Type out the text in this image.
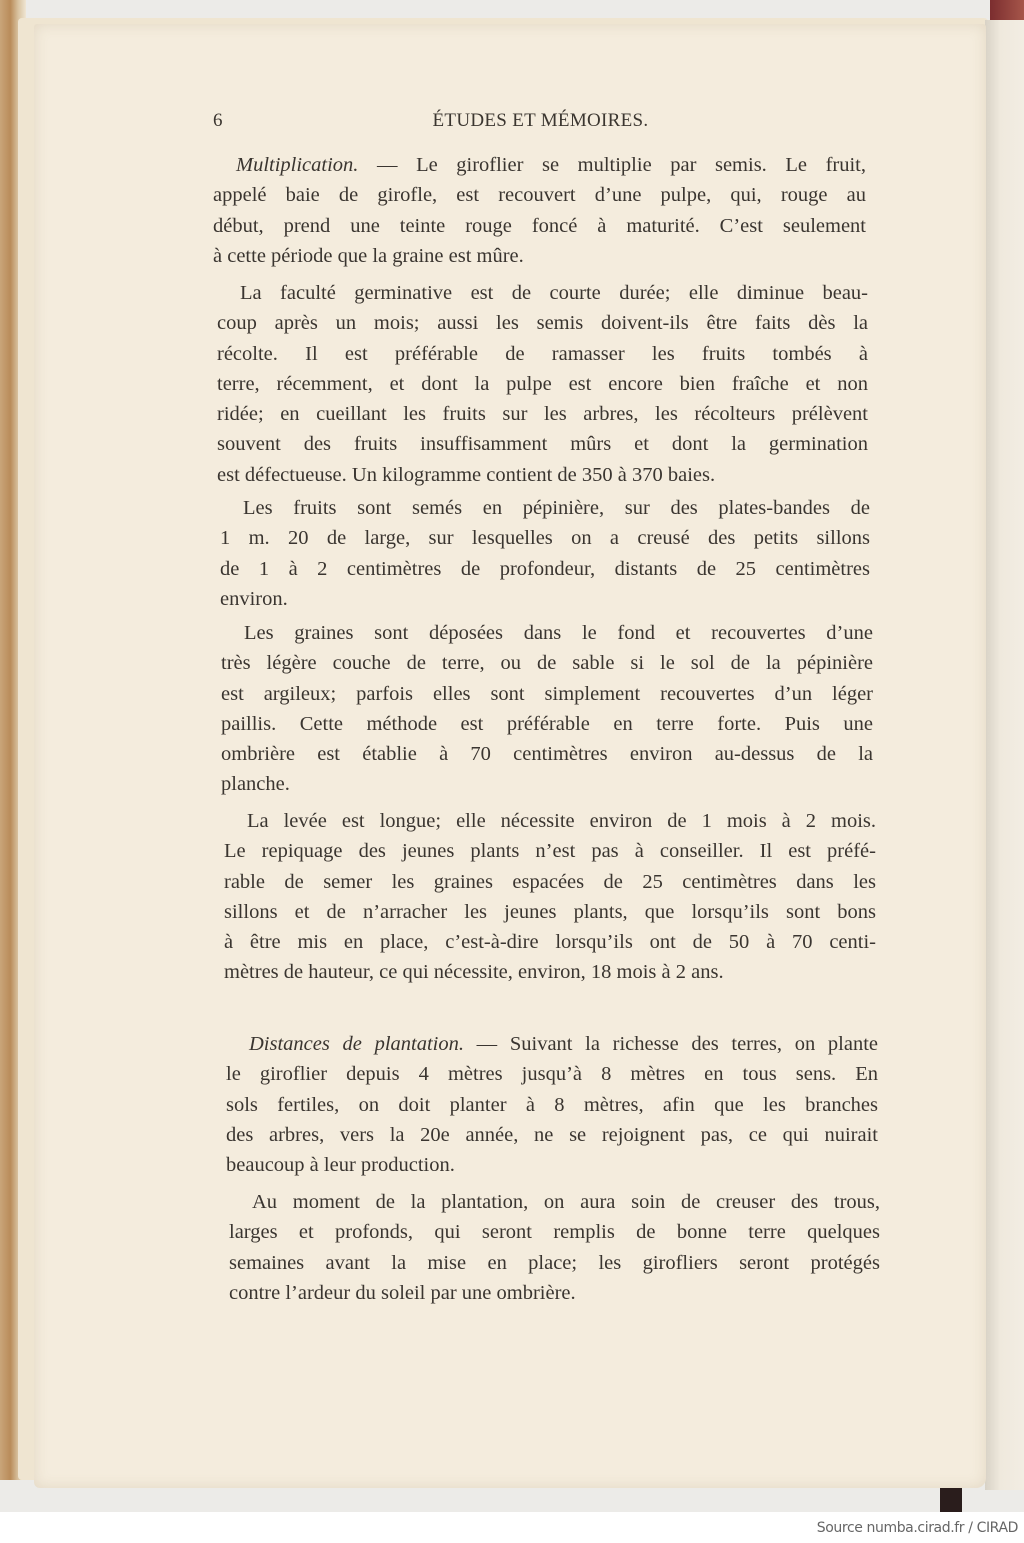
6	ÉTUDES ET MÉMOIRES.
Multiplication. — Le giroflier se multiplie par semis. Le fruit,
appelé baie de girofle, est recouvert d’une pulpe, qui, rouge au
début, prend une teinte rouge foncé à maturité. C’est seulement
à cette période que la graine est mûre.
La faculté germinative est de courte durée; elle diminue beau-
coup après un mois; aussi les semis doivent-ils être faits dès la
récolte. Il est préférable de ramasser les fruits tombés à
terre, récemment, et dont la pulpe est encore bien fraîche et non
ridée; en cueillant les fruits sur les arbres, les récolteurs prélèvent
souvent des fruits insuffisamment mûrs et dont la germination
est défectueuse. Un kilogramme contient de 350 à 370 baies.
Les fruits sont semés en pépinière, sur des plates-bandes de
1 m. 20 de large, sur lesquelles on a creusé des petits sillons
de 1 à 2 centimètres de profondeur, distants de 25 centimètres
environ.
Les graines sont déposées dans le fond et recouvertes d’une
très légère couche de terre, ou de sable si le sol de la pépinière
est argileux; parfois elles sont simplement recouvertes d’un léger
paillis. Cette méthode est préférable en terre forte. Puis une
ombrière est établie à 70 centimètres environ au-dessus de la
planche.
La levée est longue; elle nécessite environ de 1 mois à 2 mois.
Le repiquage des jeunes plants n’est pas à conseiller. Il est préfé-
rable de semer les graines espacées de 25 centimètres dans les
sillons et de n’arracher les jeunes plants, que lorsqu’ils sont bons
à être mis en place, c’est-à-dire lorsqu’ils ont de 50 à 70 centi-
mètres de hauteur, ce qui nécessite, environ, 18 mois à 2 ans.
Distances de plantation. — Suivant la richesse des terres, on plante
le giroflier depuis 4 mètres jusqu’à 8 mètres en tous sens. En
sols fertiles, on doit planter à 8 mètres, afin que les branches
des arbres, vers la 20e année, ne se rejoignent pas, ce qui nuirait
beaucoup à leur production.
Au moment de la plantation, on aura soin de creuser des trous,
larges et profonds, qui seront remplis de bonne terre quelques
semaines avant la mise en place; les girofliers seront protégés
contre l’ardeur du soleil par une ombrière.
Source numba.cirad.fr / CIRAD
